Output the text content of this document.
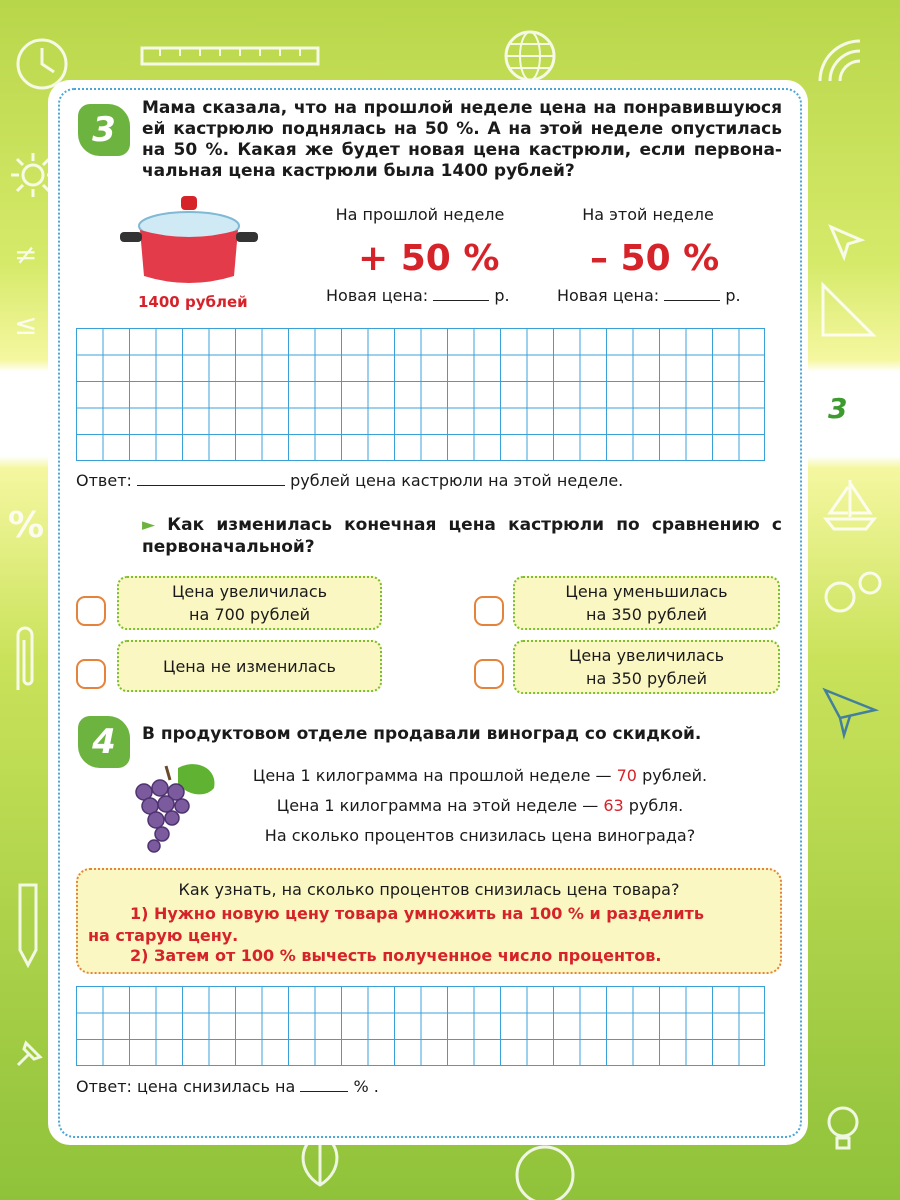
≠
≤
%
3
3
Мама сказала, что на прошлой неделе цена на понравившуюся ей кастрюлю поднялась на 50 %. А на этой неделе опустилась на 50 %. Какая же будет новая цена кастрюли, если первона-чальная цена кастрюли была 1400 рублей?
1400 рублей
На прошлой неделе
+ 50 %
Новая цена:	р.
На этой неделе
– 50 %
Новая цена:	р.
Ответ:	рублей цена кастрюли на этой неделе.
► Как изменилась конечная цена кастрюли по сравнению с первоначальной?
Цена увеличилась
на 700 рублей
Цена уменьшилась
на 350 рублей
Цена не изменилась
Цена увеличилась
на 350 рублей
4	В продуктовом отделе продавали виноград со скидкой.
Цена 1 килограмма на прошлой неделе — 70 рублей.
Цена 1 килограмма на этой неделе — 63 рубля.
На сколько процентов снизилась цена винограда?
Как узнать, на сколько процентов снизилась цена товара?
1) Нужно новую цену товара умножить на 100 % и разделить
на старую цену.
2) Затем от 100 % вычесть полученное число процентов.
Ответ: цена снизилась на	% .
